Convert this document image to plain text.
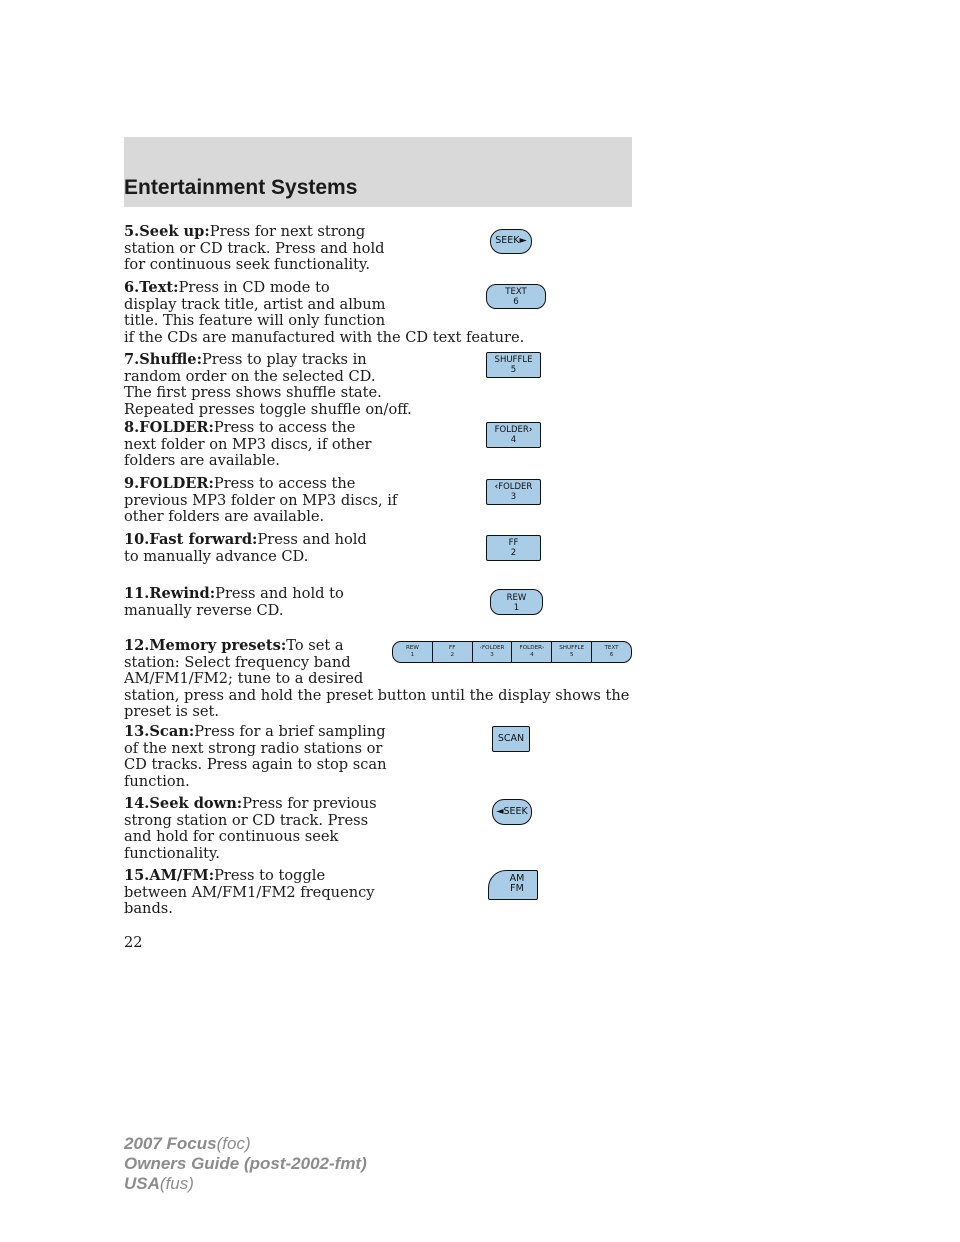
Entertainment Systems

5.Seek up:Press for next strong
station or CD track. Press and hold
for continuous seek functionality.

6.Text:Press in CD mode to
display track title, artist and album
title. This feature will only function
if the CDs are manufactured with the CD text feature.

7.Shuffle:Press to play tracks in
random order on the selected CD.
The first press shows shuffle state.
Repeated presses toggle shuffle on/off.

8.FOLDER:Press to access the
next folder on MP3 discs, if other
folders are available.

9.FOLDER:Press to access the
previous MP3 folder on MP3 discs, if
other folders are available.

10.Fast forward:Press and hold
to manually advance CD.

11.Rewind:Press and hold to
manually reverse CD.

12.Memory presets:To set a
station: Select frequency band
AM/FM1/FM2; tune to a desired
station, press and hold the preset button until the display shows the
preset is set.

13.Scan:Press for a brief sampling
of the next strong radio stations or
CD tracks. Press again to stop scan
function.

14.Seek down:Press for previous
strong station or CD track. Press
and hold for continuous seek
functionality.

15.AM/FM:Press to toggle
between AM/FM1/FM2 frequency
bands.

SEEK►
TEXT
6
SHUFFLE
5
FOLDER›
4
‹FOLDER
3
FF
2
REW
1
REW
1
FF
2
‹FOLDER
3
FOLDER›
4
SHUFFLE
5
TEXT
6
SCAN
◄SEEK
AM
FM
22
2007 Focus(foc)
Owners Guide (post-2002-fmt)
USA(fus)
